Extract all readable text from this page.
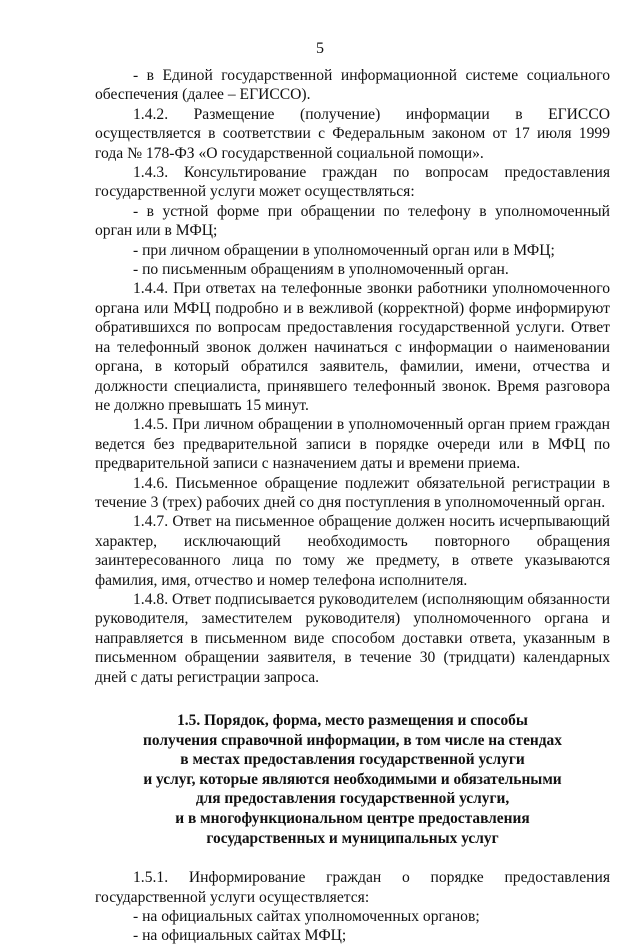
5

- в Единой государственной информационной системе социального обеспечения (далее – ЕГИССО).

1.4.2. Размещение (получение) информации в ЕГИССО осуществляется в соответствии с Федеральным законом от 17 июля 1999 года № 178-ФЗ «О государственной социальной помощи».

1.4.3. Консультирование граждан по вопросам предоставления государственной услуги может осуществляться:

- в устной форме при обращении по телефону в уполномоченный орган или в МФЦ;

- при личном обращении в уполномоченный орган или в МФЦ;

- по письменным обращениям в уполномоченный орган.

1.4.4. При ответах на телефонные звонки работники уполномоченного органа или МФЦ подробно и в вежливой (корректной) форме информируют обратившихся по вопросам предоставления государственной услуги. Ответ на телефонный звонок должен начинаться с информации о наименовании органа, в который обратился заявитель, фамилии, имени, отчества и должности специалиста, принявшего телефонный звонок. Время разговора не должно превышать 15 минут.

1.4.5. При личном обращении в уполномоченный орган прием граждан ведется без предварительной записи в порядке очереди или в МФЦ по предварительной записи с назначением даты и времени приема.

1.4.6. Письменное обращение подлежит обязательной регистрации в течение 3 (трех) рабочих дней со дня поступления в уполномоченный орган.

1.4.7. Ответ на письменное обращение должен носить исчерпывающий характер, исключающий необходимость повторного обращения заинтересованного лица по тому же предмету, в ответе указываются фамилия, имя, отчество и номер телефона исполнителя.

1.4.8. Ответ подписывается руководителем (исполняющим обязанности руководителя, заместителем руководителя) уполномоченного органа и направляется в письменном виде способом доставки ответа, указанным в письменном обращении заявителя, в течение 30 (тридцати) календарных дней с даты регистрации запроса.

1.5. Порядок, форма, место размещения и способы
получения справочной информации, в том числе на стендах
в местах предоставления государственной услуги
и услуг, которые являются необходимыми и обязательными
для предоставления государственной услуги,
и в многофункциональном центре предоставления
государственных и муниципальных услуг

1.5.1. Информирование граждан о порядке предоставления государственной услуги осуществляется:

- на официальных сайтах уполномоченных органов;

- на официальных сайтах МФЦ;
